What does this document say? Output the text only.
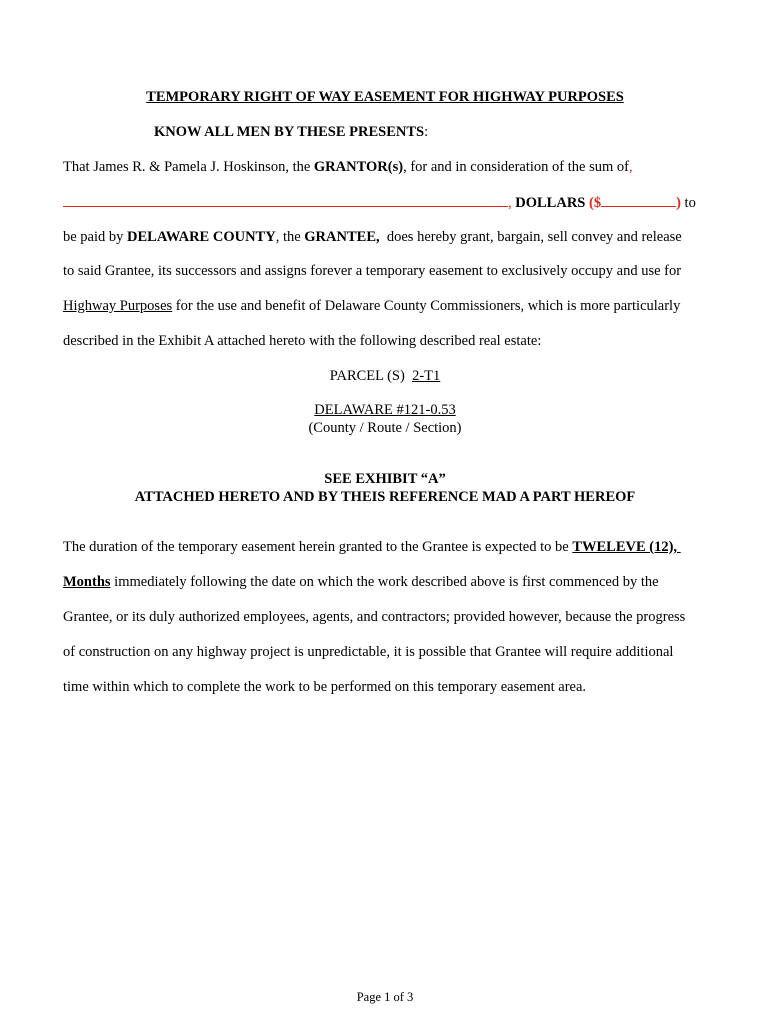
TEMPORARY RIGHT OF WAY EASEMENT FOR HIGHWAY PURPOSES
KNOW ALL MEN BY THESE PRESENTS:
That James R. & Pamela J. Hoskinson, the GRANTOR(s), for and in consideration of the sum of,
, DOLLARS ($	) to
be paid by DELAWARE COUNTY, the GRANTEE,  does hereby grant, bargain, sell convey and release
to said Grantee, its successors and assigns forever a temporary easement to exclusively occupy and use for
Highway Purposes for the use and benefit of Delaware County Commissioners, which is more particularly
described in the Exhibit A attached hereto with the following described real estate:
PARCEL (S) 2-T1
DELAWARE #121-0.53
(County / Route / Section)
SEE EXHIBIT “A”
ATTACHED HERETO AND BY THEIS REFERENCE MAD A PART HEREOF
The duration of the temporary easement herein granted to the Grantee is expected to be TWELEVE (12),
Months immediately following the date on which the work described above is first commenced by the
Grantee, or its duly authorized employees, agents, and contractors; provided however, because the progress
of construction on any highway project is unpredictable, it is possible that Grantee will require additional
time within which to complete the work to be performed on this temporary easement area.
Page 1 of 3
